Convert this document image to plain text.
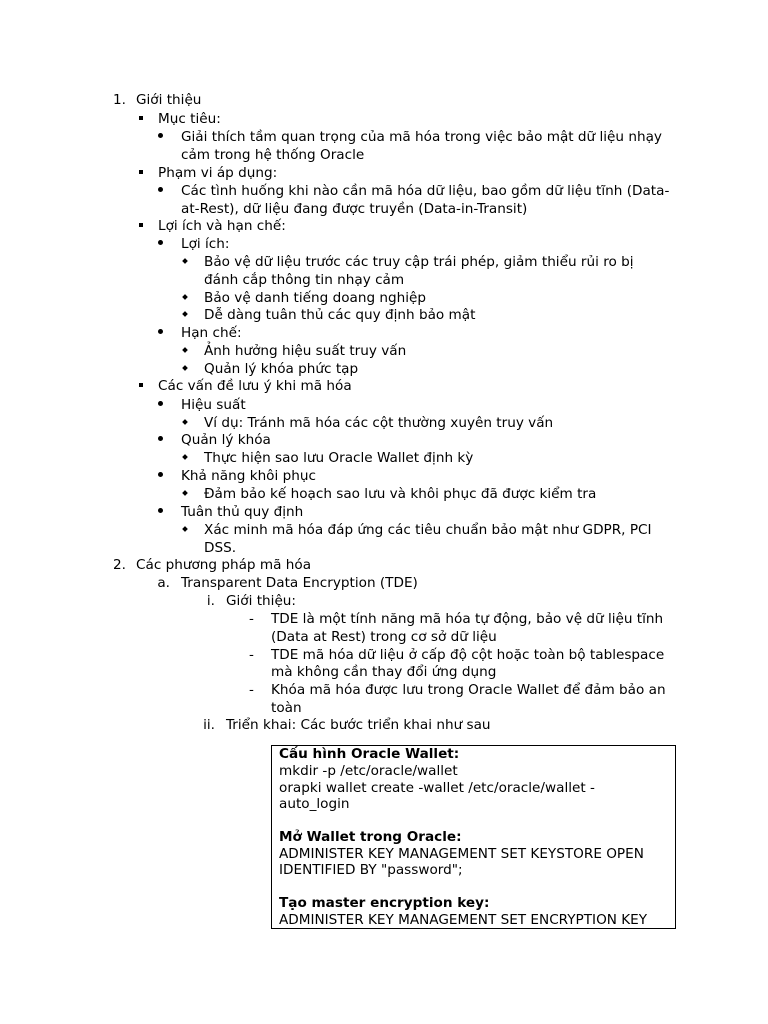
1. Giới thiệu
Mục tiêu:
Giải thích tầm quan trọng của mã hóa trong việc bảo mật dữ liệu nhạy
cảm trong hệ thống Oracle
Phạm vi áp dụng:
Các tình huống khi nào cần mã hóa dữ liệu, bao gồm dữ liệu tĩnh (Data-
at-Rest), dữ liệu đang được truyền (Data-in-Transit)
Lợi ích và hạn chế:
Lợi ích:
Bảo vệ dữ liệu trước các truy cập trái phép, giảm thiểu rủi ro bị
đánh cắp thông tin nhạy cảm
Bảo vệ danh tiếng doang nghiệp
Dễ dàng tuân thủ các quy định bảo mật
Hạn chế:
Ảnh hưởng hiệu suất truy vấn
Quản lý khóa phức tạp
Các vấn đề lưu ý khi mã hóa
Hiệu suất
Ví dụ: Tránh mã hóa các cột thường xuyên truy vấn
Quản lý khóa
Thực hiện sao lưu Oracle Wallet định kỳ
Khả năng khôi phục
Đảm bảo kế hoạch sao lưu và khôi phục đã được kiểm tra
Tuân thủ quy định
Xác minh mã hóa đáp ứng các tiêu chuẩn bảo mật như GDPR, PCI
DSS.
2. Các phương pháp mã hóa
a. Transparent Data Encryption (TDE)
i. Giới thiệu:
- TDE là một tính năng mã hóa tự động, bảo vệ dữ liệu tĩnh
(Data at Rest) trong cơ sở dữ liệu
- TDE mã hóa dữ liệu ở cấp độ cột hoặc toàn bộ tablespace
mà không cần thay đổi ứng dụng
- Khóa mã hóa được lưu trong Oracle Wallet để đảm bảo an
toàn
ii. Triển khai: Các bước triển khai như sau
Cấu hình Oracle Wallet:
mkdir -p /etc/oracle/wallet
orapki wallet create -wallet /etc/oracle/wallet -
auto_login
Mở Wallet trong Oracle:
ADMINISTER KEY MANAGEMENT SET KEYSTORE OPEN
IDENTIFIED BY "password";
Tạo master encryption key:
ADMINISTER KEY MANAGEMENT SET ENCRYPTION KEY
